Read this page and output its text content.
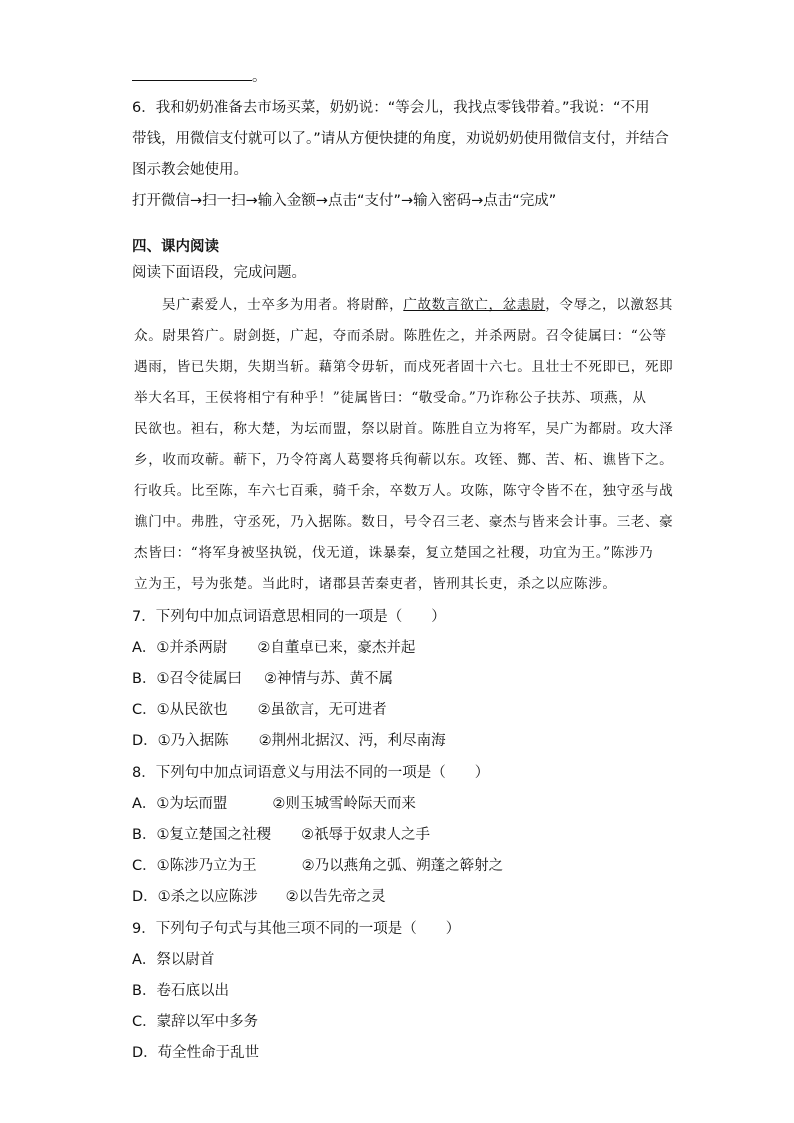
。
6．我和奶奶准备去市场买菜，奶奶说：“等会儿，我找点零钱带着。”我说：“不用
带钱，用微信支付就可以了。”请从方便快捷的角度，劝说奶奶使用微信支付，并结合
图示教会她使用。
打开微信→扫一扫→输入金额→点击“支付”→输入密码→点击“完成”
四、课内阅读
阅读下面语段，完成问题。
吴广素爱人，士卒多为用者。将尉醉，广故数言欲亡，忿恚尉，令辱之，以激怒其
众。尉果笞广。尉剑挺，广起，夺而杀尉。陈胜佐之，并杀两尉。召令徒属曰：“公等
遇雨，皆已失期，失期当斩。藉第令毋斩，而戍死者固十六七。且壮士不死即已，死即
举大名耳，王侯将相宁有种乎！”徒属皆曰：“敬受命。”乃诈称公子扶苏、项燕，从
民欲也。袒右，称大楚，为坛而盟，祭以尉首。陈胜自立为将军，吴广为都尉。攻大泽
乡，收而攻蕲。蕲下，乃令符离人葛婴将兵徇蕲以东。攻铚、酂、苦、柘、谯皆下之。
行收兵。比至陈，车六七百乘，骑千余，卒数万人。攻陈，陈守令皆不在，独守丞与战
谯门中。弗胜，守丞死，乃入据陈。数日，号令召三老、豪杰与皆来会计事。三老、豪
杰皆曰：“将军身被坚执锐，伐无道，诛暴秦，复立楚国之社稷，功宜为王。”陈涉乃
立为王，号为张楚。当此时，诸郡县苦秦吏者，皆刑其长吏，杀之以应陈涉。
7．下列句中加点词语意思相同的一项是（　　）
A．①并杀两尉 ②自董卓已来，豪杰并起
B．①召令徒属曰 ②神情与苏、黄不属
C．①从民欲也 ②虽欲言，无可进者
D．①乃入据陈 ②荆州北据汉、沔，利尽南海
8．下列句中加点词语意义与用法不同的一项是（　　）
A．①为坛而盟	②则玉城雪岭际天而来
B．①复立楚国之社稷 ②祇辱于奴隶人之手
C．①陈涉乃立为王	②乃以燕角之弧、朔蓬之簳射之
D．①杀之以应陈涉 ②以告先帝之灵
9．下列句子句式与其他三项不同的一项是（　　）
A．祭以尉首
B．卷石底以出
C．蒙辞以军中多务
D．苟全性命于乱世
